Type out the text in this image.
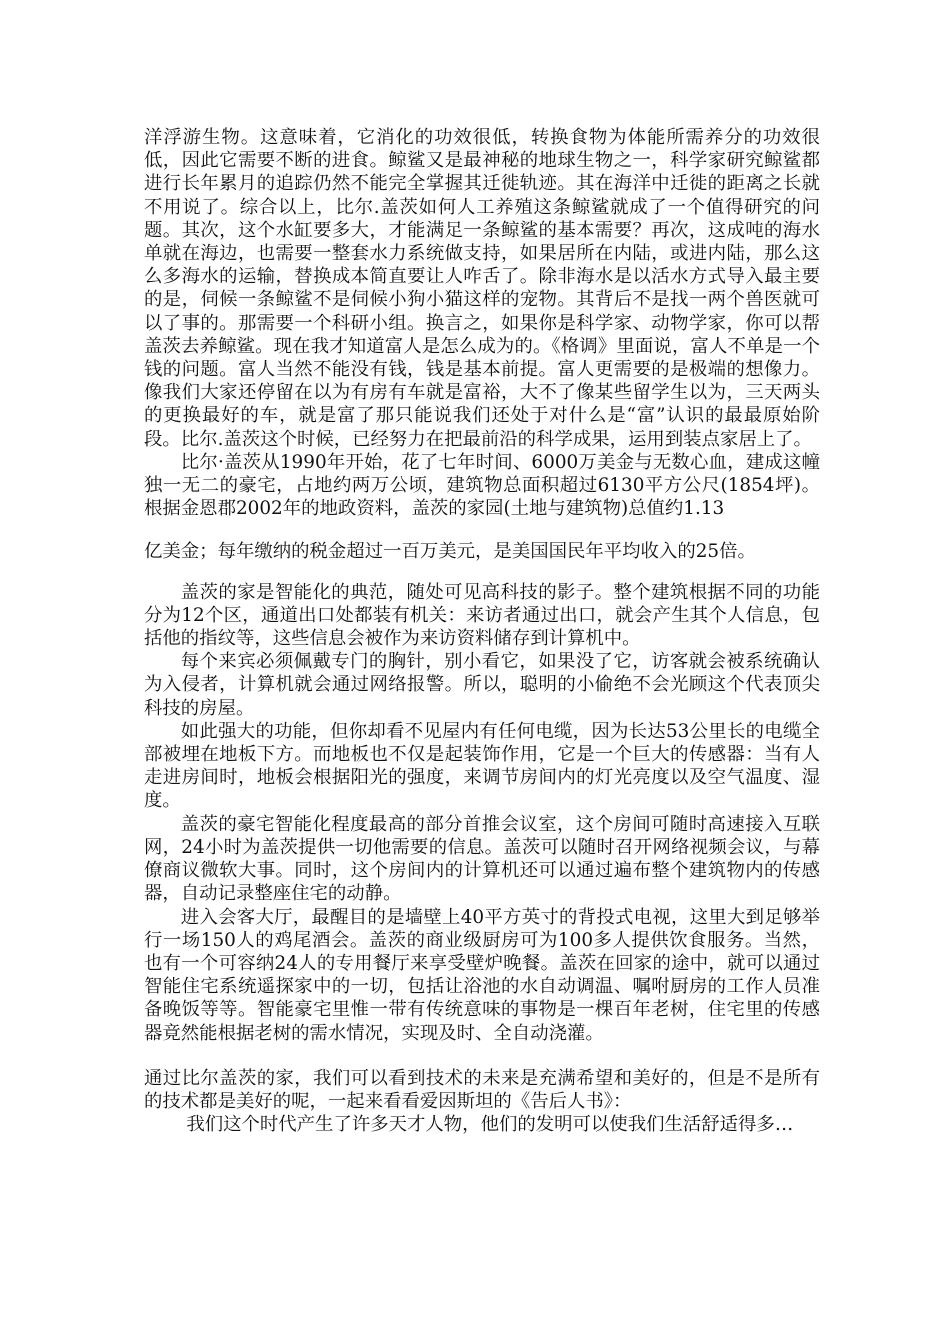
洋浮游生物。这意味着，它消化的功效很低，转换食物为体能所需养分的功效很低，因此它需要不断的进食。鲸鲨又是最神秘的地球生物之一，科学家研究鲸鲨都进行长年累月的追踪仍然不能完全掌握其迁徙轨迹。其在海洋中迁徙的距离之长就不用说了。综合以上，比尔.盖茨如何人工养殖这条鲸鲨就成了一个值得研究的问题。其次，这个水缸要多大，才能满足一条鲸鲨的基本需要？再次，这成吨的海水单就在海边，也需要一整套水力系统做支持，如果居所在内陆，或进内陆，那么这么多海水的运输，替换成本简直要让人咋舌了。除非海水是以活水方式导入最主要的是，伺候一条鲸鲨不是伺候小狗小猫这样的宠物。其背后不是找一两个兽医就可以了事的。那需要一个科研小组。换言之，如果你是科学家、动物学家，你可以帮盖茨去养鲸鲨。现在我才知道富人是怎么成为的。《格调》里面说，富人不单是一个钱的问题。富人当然不能没有钱，钱是基本前提。富人更需要的是极端的想像力。像我们大家还停留在以为有房有车就是富裕，大不了像某些留学生以为，三天两头的更换最好的车，就是富了那只能说我们还处于对什么是“富”认识的最最原始阶段。比尔.盖茨这个时候，已经努力在把最前沿的科学成果，运用到装点家居上了。

比尔·盖茨从1990年开始，花了七年时间、6000万美金与无数心血，建成这幢独一无二的豪宅，占地约两万公顷，建筑物总面积超过6130平方公尺(1854坪)。根据金恩郡2002年的地政资料，盖茨的家园(土地与建筑物)总值约1.13

亿美金；每年缴纳的税金超过一百万美元，是美国国民年平均收入的25倍。

盖茨的家是智能化的典范，随处可见高科技的影子。整个建筑根据不同的功能分为12个区，通道出口处都装有机关：来访者通过出口，就会产生其个人信息，包括他的指纹等，这些信息会被作为来访资料储存到计算机中。

每个来宾必须佩戴专门的胸针，别小看它，如果没了它，访客就会被系统确认为入侵者，计算机就会通过网络报警。所以，聪明的小偷绝不会光顾这个代表顶尖科技的房屋。

如此强大的功能，但你却看不见屋内有任何电缆，因为长达53公里长的电缆全部被埋在地板下方。而地板也不仅是起装饰作用，它是一个巨大的传感器：当有人走进房间时，地板会根据阳光的强度，来调节房间内的灯光亮度以及空气温度、湿度。

盖茨的豪宅智能化程度最高的部分首推会议室，这个房间可随时高速接入互联网，24小时为盖茨提供一切他需要的信息。盖茨可以随时召开网络视频会议，与幕僚商议微软大事。同时，这个房间内的计算机还可以通过遍布整个建筑物内的传感器，自动记录整座住宅的动静。

进入会客大厅，最醒目的是墙壁上40平方英寸的背投式电视，这里大到足够举行一场150人的鸡尾酒会。盖茨的商业级厨房可为100多人提供饮食服务。当然，也有一个可容纳24人的专用餐厅来享受壁炉晚餐。盖茨在回家的途中，就可以通过智能住宅系统遥探家中的一切，包括让浴池的水自动调温、嘱咐厨房的工作人员准备晚饭等等。智能豪宅里惟一带有传统意味的事物是一棵百年老树，住宅里的传感器竟然能根据老树的需水情况，实现及时、全自动浇灌。

通过比尔盖茨的家，我们可以看到技术的未来是充满希望和美好的，但是不是所有的技术都是美好的呢，一起来看看爱因斯坦的《告后人书》：

我们这个时代产生了许多天才人物，他们的发明可以使我们生活舒适得多…
